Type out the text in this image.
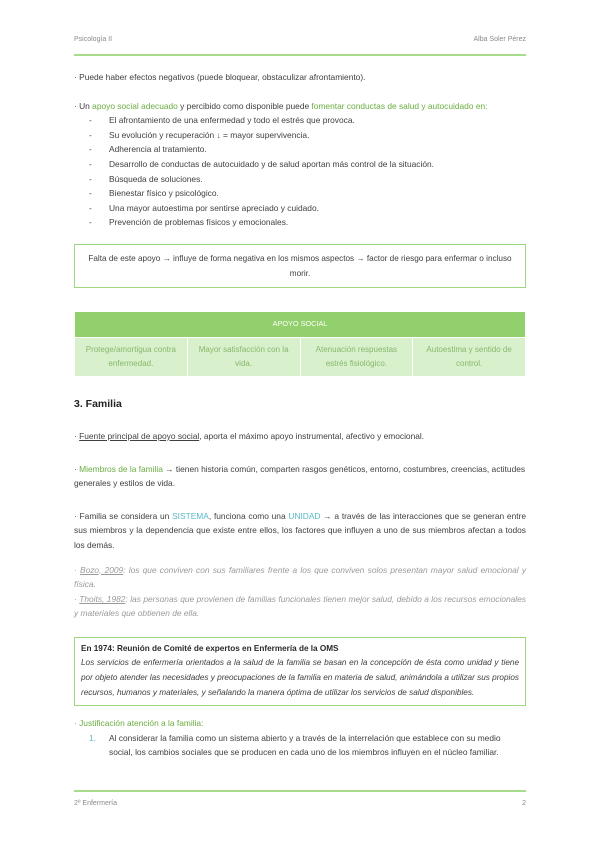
Psicología II	Alba Soler Pérez

· Puede haber efectos negativos (puede bloquear, obstaculizar afrontamiento).

· Un apoyo social adecuado y percibido como disponible puede fomentar conductas de salud y autocuidado en:

- El afrontamiento de una enfermedad y todo el estrés que provoca.
- Su evolución y recuperación ↓ = mayor supervivencia.
- Adherencia al tratamiento.
- Desarrollo de conductas de autocuidado y de salud aportan más control de la situación.
- Búsqueda de soluciones.
- Bienestar físico y psicológico.
- Una mayor autoestima por sentirse apreciado y cuidado.
- Prevención de problemas físicos y emocionales.
Falta de este apoyo → influye de forma negativa en los mismos aspectos → factor de riesgo para enfermar o incluso morir.
APOYO SOCIAL
Protege/amortigua contra enfermedad.	Mayor satisfacción con la vida.	Atenuación respuestas estrés fisiológico.	Autoestima y sentido de control.
3. Familia

· Fuente principal de apoyo social, aporta el máximo apoyo instrumental, afectivo y emocional.

· Miembros de la familia → tienen historia común, comparten rasgos genéticos, entorno, costumbres, creencias, actitudes generales y estilos de vida.

· Familia se considera un SISTEMA, funciona como una UNIDAD → a través de las interacciones que se generan entre sus miembros y la dependencia que existe entre ellos, los factores que influyen a uno de sus miembros afectan a todos los demás.

· Bozo, 2009: los que conviven con sus familiares frente a los que conviven solos presentan mayor salud emocional y física.

· Thoits, 1982: las personas que provienen de familias funcionales tienen mejor salud, debido a los recursos emocionales y materiales que obtienen de ella.

En 1974: Reunión de Comité de expertos en Enfermería de la OMS
Los servicios de enfermería orientados a la salud de la familia se basan en la concepción de ésta como unidad y tiene por objeto atender las necesidades y preocupaciones de la familia en materia de salud, animándola a utilizar sus propios recursos, humanos y materiales, y señalando la manera óptima de utilizar los servicios de salud disponibles.

· Justificación atención a la familia:

1. Al considerar la familia como un sistema abierto y a través de la interrelación que establece con su medio social, los cambios sociales que se producen en cada uno de los miembros influyen en el núcleo familiar.
2º Enfermería	2
